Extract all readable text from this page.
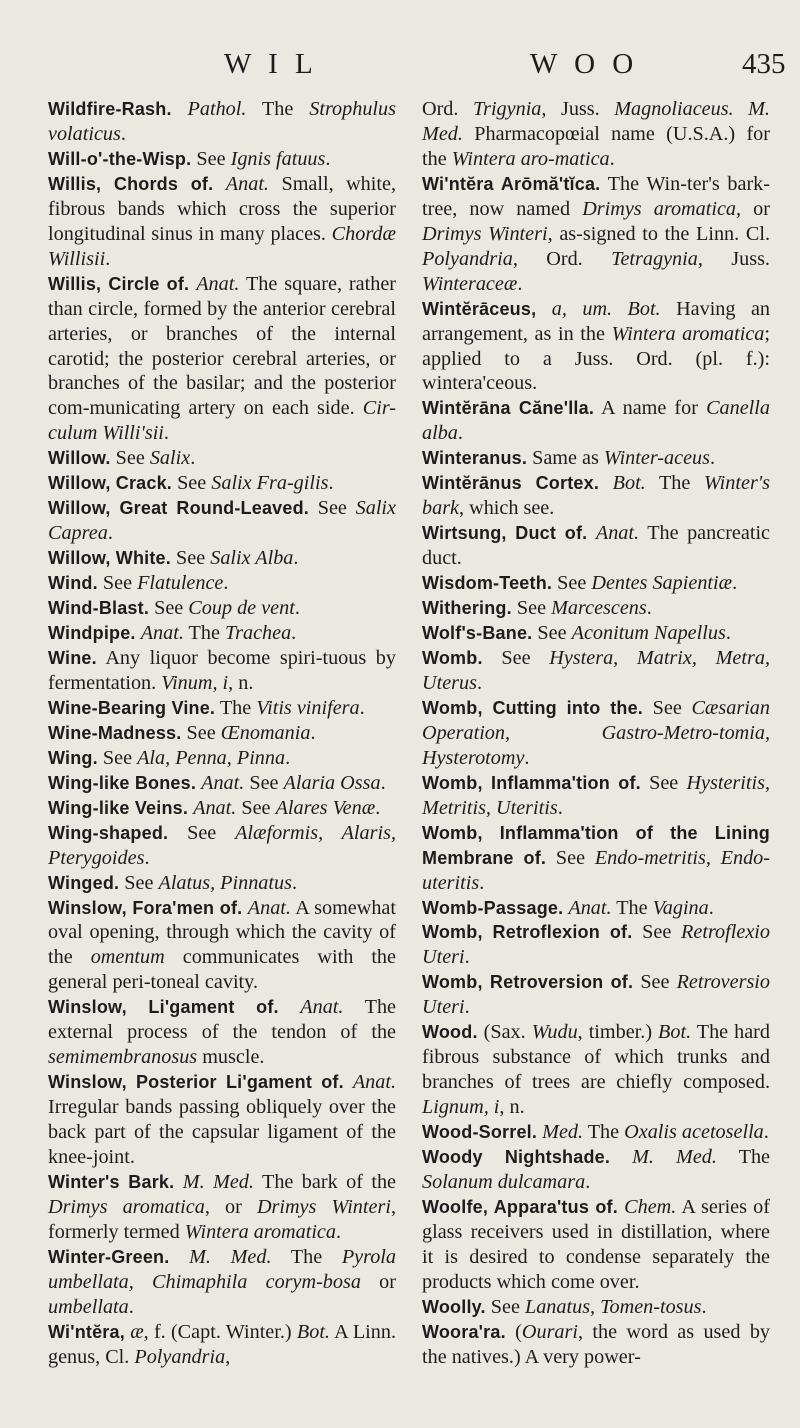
W I L	W O O	435

Wildfire-Rash. Pathol. The Strophulus volaticus.

Will-o'-the-Wisp. See Ignis fatuus.

Willis, Chords of. Anat. Small, white, fibrous bands which cross the superior longitudinal sinus in many places. Chordæ Willisii.

Willis, Circle of. Anat. The square, rather than circle, formed by the anterior cerebral arteries, or branches of the internal carotid; the posterior cerebral arteries, or branches of the basilar; and the posterior com-municating artery on each side. Cir-culum Willi'sii.

Willow. See Salix.

Willow, Crack. See Salix Fra-gilis.

Willow, Great Round-Leaved. See Salix Caprea.

Willow, White. See Salix Alba.

Wind. See Flatulence.

Wind-Blast. See Coup de vent.

Windpipe. Anat. The Trachea.

Wine. Any liquor become spiri-tuous by fermentation. Vinum, i, n.

Wine-Bearing Vine. The Vitis vinifera.

Wine-Madness. See Œnomania.

Wing. See Ala, Penna, Pinna.

Wing-like Bones. Anat. See Alaria Ossa.

Wing-like Veins. Anat. See Alares Venæ.

Wing-shaped. See Alæformis, Alaris, Pterygoides.

Winged. See Alatus, Pinnatus.

Winslow, Fora'men of. Anat. A somewhat oval opening, through which the cavity of the omentum communicates with the general peri-toneal cavity.

Winslow, Li'gament of. Anat. The external process of the tendon of the semimembranosus muscle.

Winslow, Posterior Li'gament of. Anat. Irregular bands passing obliquely over the back part of the capsular ligament of the knee-joint.

Winter's Bark. M. Med. The bark of the Drimys aromatica, or Drimys Winteri, formerly termed Wintera aromatica.

Winter-Green. M. Med. The Pyrola umbellata, Chimaphila corym-bosa or umbellata.

Wi'ntĕra, æ, f. (Capt. Winter.) Bot. A Linn. genus, Cl. Polyandria,

Ord. Trigynia, Juss. Magnoliaceus. M. Med. Pharmacopœial name (U.S.A.) for the Wintera aro-matica.

Wi'ntĕra Arōmă'tĭca. The Win-ter's bark-tree, now named Drimys aromatica, or Drimys Winteri, as-signed to the Linn. Cl. Polyandria, Ord. Tetragynia, Juss. Winteraceæ.

Wintĕrāceus, a, um. Bot. Having an arrangement, as in the Wintera aromatica; applied to a Juss. Ord. (pl. f.): wintera'ceous.

Wintĕrāna Căne'lla. A name for Canella alba.

Winteranus. Same as Winter-aceus.

Wintĕrānus Cortex. Bot. The Winter's bark, which see.

Wirtsung, Duct of. Anat. The pancreatic duct.

Wisdom-Teeth. See Dentes Sapientiæ.

Withering. See Marcescens.

Wolf's-Bane. See Aconitum Napellus.

Womb. See Hystera, Matrix, Metra, Uterus.

Womb, Cutting into the. See Cæsarian Operation, Gastro-Metro-tomia, Hysterotomy.

Womb, Inflamma'tion of. See Hysteritis, Metritis, Uteritis.

Womb, Inflamma'tion of the Lining Membrane of. See Endo-metritis, Endo-uteritis.

Womb-Passage. Anat. The Vagina.

Womb, Retroflexion of. See Retroflexio Uteri.

Womb, Retroversion of. See Retroversio Uteri.

Wood. (Sax. Wudu, timber.) Bot. The hard fibrous substance of which trunks and branches of trees are chiefly composed. Lignum, i, n.

Wood-Sorrel. Med. The Oxalis acetosella.

Woody Nightshade. M. Med. The Solanum dulcamara.

Woolfe, Appara'tus of. Chem. A series of glass receivers used in distillation, where it is desired to condense separately the products which come over.

Woolly. See Lanatus, Tomen-tosus.

Woora'ra. (Ourari, the word as used by the natives.) A very power-
